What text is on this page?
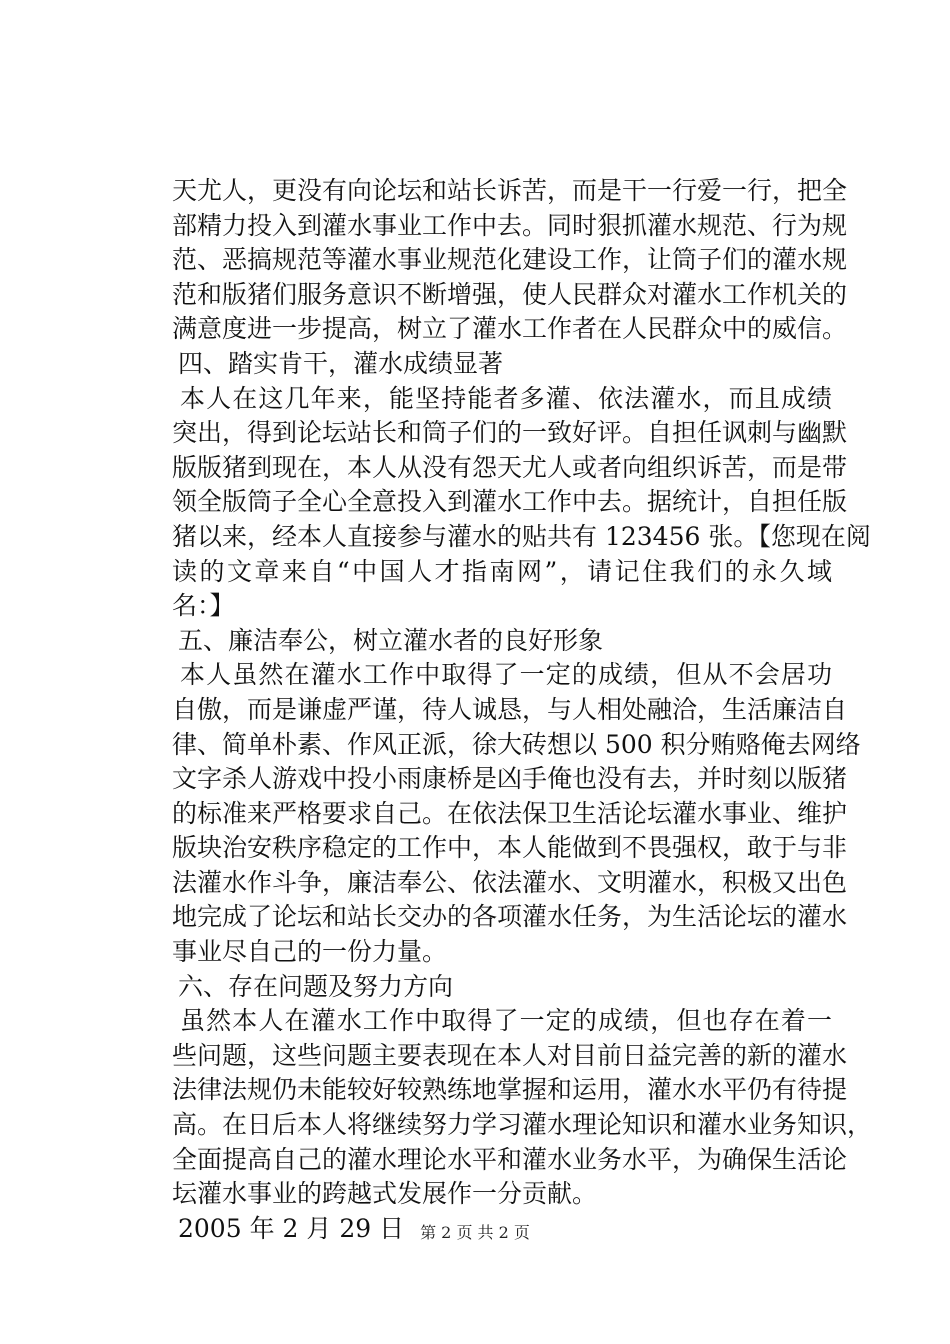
天尤人，更没有向论坛和站长诉苦，而是干一行爱一行，把全
部精力投入到灌水事业工作中去。同时狠抓灌水规范、行为规
范、恶搞规范等灌水事业规范化建设工作，让筒子们的灌水规
范和版猪们服务意识不断增强，使人民群众对灌水工作机关的
满意度进一步提高，树立了灌水工作者在人民群众中的威信。
四、踏实肯干，灌水成绩显著
本人在这几年来，能坚持能者多灌、依法灌水，而且成绩
突出，得到论坛站长和筒子们的一致好评。自担任讽刺与幽默
版版猪到现在，本人从没有怨天尤人或者向组织诉苦，而是带
领全版筒子全心全意投入到灌水工作中去。据统计，自担任版
猪以来，经本人直接参与灌水的贴共有 123456 张。【您现在阅
读的文章来自“中国人才指南网”，请记住我们的永久域
名：】
五、廉洁奉公，树立灌水者的良好形象
本人虽然在灌水工作中取得了一定的成绩，但从不会居功
自傲，而是谦虚严谨，待人诚恳，与人相处融洽，生活廉洁自
律、简单朴素、作风正派，徐大砖想以 500 积分贿赂俺去网络
文字杀人游戏中投小雨康桥是凶手俺也没有去，并时刻以版猪
的标准来严格要求自己。在依法保卫生活论坛灌水事业、维护
版块治安秩序稳定的工作中，本人能做到不畏强权，敢于与非
法灌水作斗争，廉洁奉公、依法灌水、文明灌水，积极又出色
地完成了论坛和站长交办的各项灌水任务，为生活论坛的灌水
事业尽自己的一份力量。
六、存在问题及努力方向
虽然本人在灌水工作中取得了一定的成绩，但也存在着一
些问题，这些问题主要表现在本人对目前日益完善的新的灌水
法律法规仍未能较好较熟练地掌握和运用，灌水水平仍有待提
高。在日后本人将继续努力学习灌水理论知识和灌水业务知识，
全面提高自己的灌水理论水平和灌水业务水平，为确保生活论
坛灌水事业的跨越式发展作一分贡献。
2005 年 2 月 29 日	第 2 页 共 2 页
